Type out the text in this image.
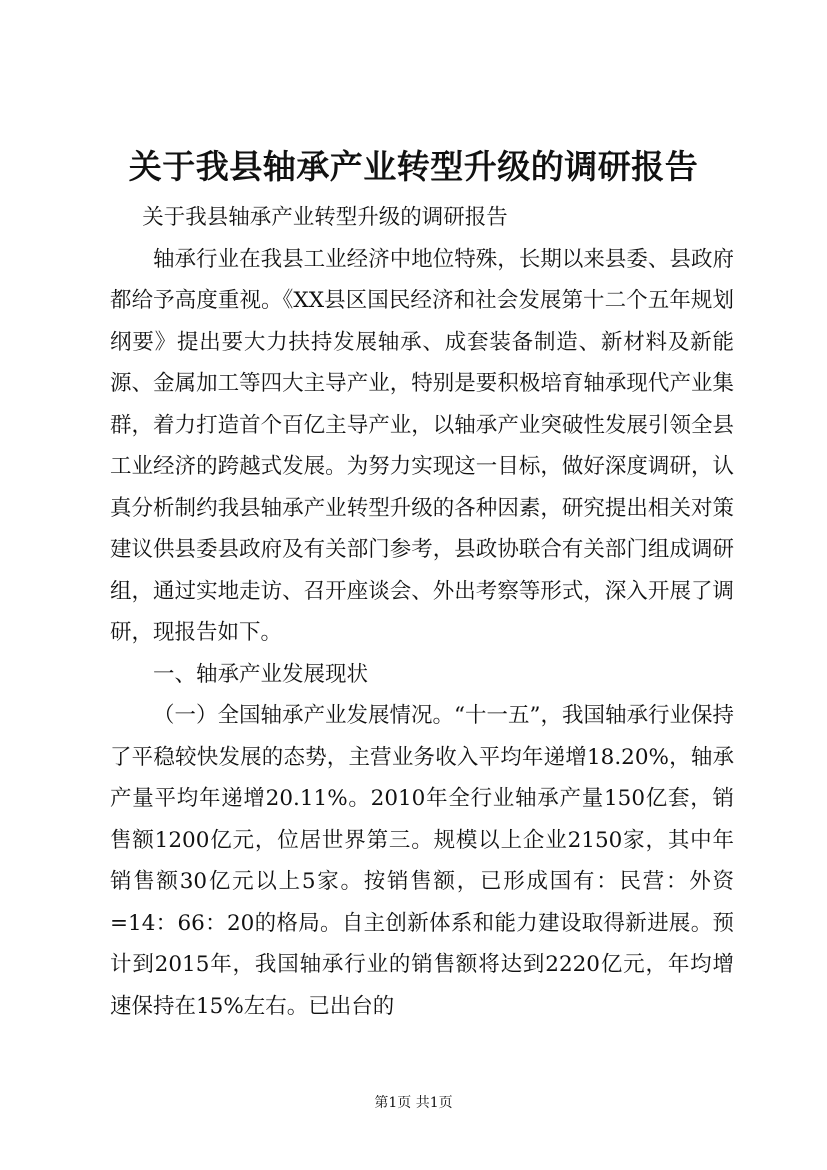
关于我县轴承产业转型升级的调研报告

关于我县轴承产业转型升级的调研报告

轴承行业在我县工业经济中地位特殊，长期以来县委、县政府都给予高度重视。《XX县区国民经济和社会发展第十二个五年规划纲要》提出要大力扶持发展轴承、成套装备制造、新材料及新能源、金属加工等四大主导产业，特别是要积极培育轴承现代产业集群，着力打造首个百亿主导产业，以轴承产业突破性发展引领全县工业经济的跨越式发展。为努力实现这一目标，做好深度调研，认真分析制约我县轴承产业转型升级的各种因素，研究提出相关对策建议供县委县政府及有关部门参考，县政协联合有关部门组成调研组，通过实地走访、召开座谈会、外出考察等形式，深入开展了调研，现报告如下。

一、轴承产业发展现状

（一）全国轴承产业发展情况。“十一五”，我国轴承行业保持了平稳较快发展的态势，主营业务收入平均年递增18.20%，轴承产量平均年递增20.11%。2010年全行业轴承产量150亿套，销售额1200亿元，位居世界第三。规模以上企业2150家，其中年销售额30亿元以上5家。按销售额，已形成国有：民营：外资=14：66：20的格局。自主创新体系和能力建设取得新进展。预计到2015年，我国轴承行业的销售额将达到2220亿元，年均增速保持在15%左右。已出台的

第1页 共1页
